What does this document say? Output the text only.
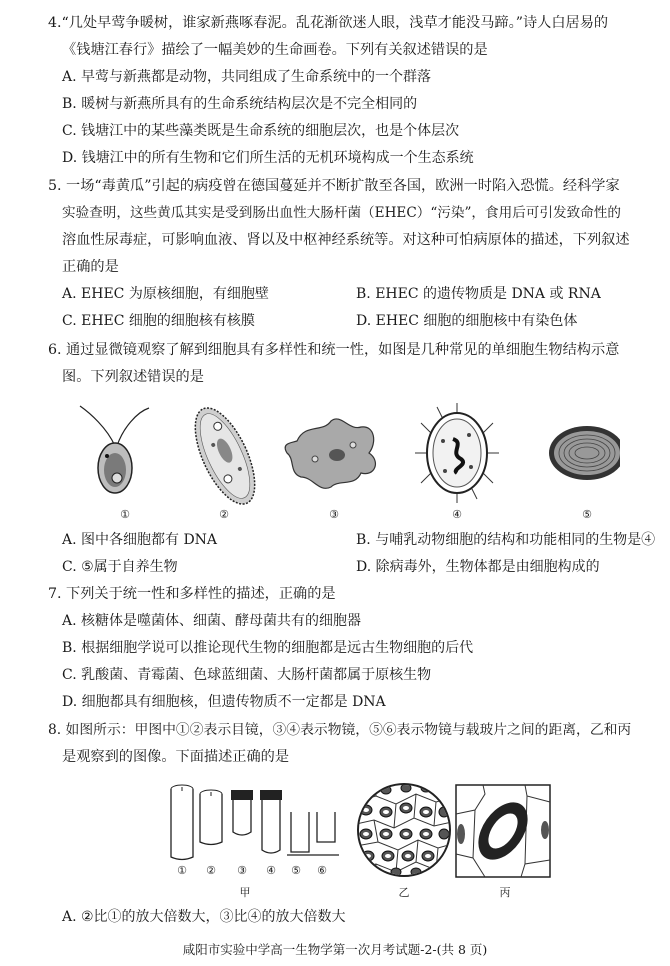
4.“几处早莺争暖树，谁家新燕啄春泥。乱花渐欲迷人眼，浅草才能没马蹄。”诗人白居易的
《钱塘江春行》描绘了一幅美妙的生命画卷。下列有关叙述错误的是
A. 早莺与新燕都是动物，共同组成了生命系统中的一个群落
B. 暖树与新燕所具有的生命系统结构层次是不完全相同的
C. 钱塘江中的某些藻类既是生命系统的细胞层次，也是个体层次
D. 钱塘江中的所有生物和它们所生活的无机环境构成一个生态系统
5. 一场“毒黄瓜”引起的病疫曾在德国蔓延并不断扩散至各国，欧洲一时陷入恐慌。经科学家
实验查明，这些黄瓜其实是受到肠出血性大肠杆菌（EHEC）“污染”，食用后可引发致命性的
溶血性尿毒症，可影响血液、肾以及中枢神经系统等。对这种可怕病原体的描述，下列叙述
正确的是
A. EHEC 为原核细胞，有细胞壁	B. EHEC 的遗传物质是 DNA 或 RNA
C. EHEC 细胞的细胞核有核膜	D. EHEC 细胞的细胞核中有染色体
6. 通过显微镜观察了解到细胞具有多样性和统一性，如图是几种常见的单细胞生物结构示意
图。下列叙述错误的是
①	②	③	④	⑤
A. 图中各细胞都有 DNA	B. 与哺乳动物细胞的结构和功能相同的生物是④
C. ⑤属于自养生物	D. 除病毒外，生物体都是由细胞构成的
7. 下列关于统一性和多样性的描述，正确的是
A. 核糖体是噬菌体、细菌、酵母菌共有的细胞器
B. 根据细胞学说可以推论现代生物的细胞都是远古生物细胞的后代
C. 乳酸菌、青霉菌、色球蓝细菌、大肠杆菌都属于原核生物
D. 细胞都具有细胞核，但遗传物质不一定都是 DNA
8. 如图所示：甲图中①②表示目镜，③④表示物镜，⑤⑥表示物镜与载玻片之间的距离，乙和丙
是观察到的图像。下面描述正确的是
①	②	③	④	⑤	⑥
甲	乙	丙
A. ②比①的放大倍数大，③比④的放大倍数大
咸阳市实验中学高一生物学第一次月考试题-2-(共 8 页)
